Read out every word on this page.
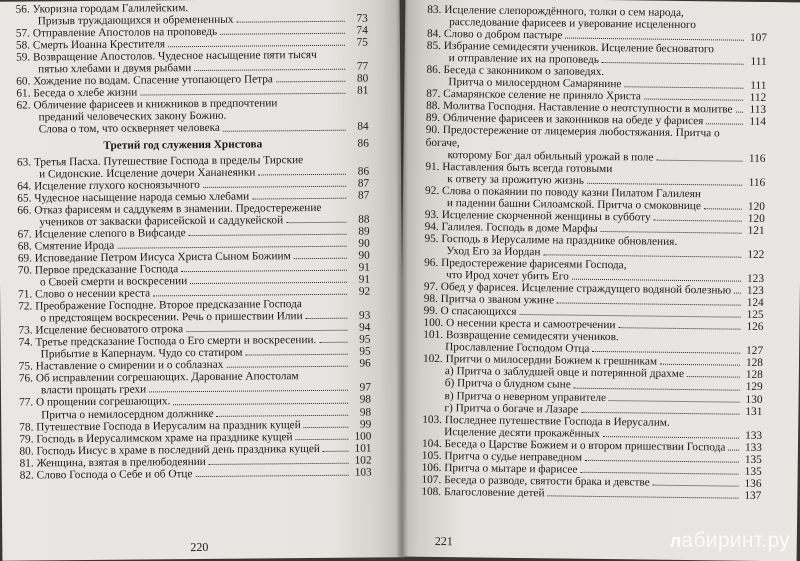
56. Укоризна городам Галилейским.
Призыв труждающихся и обремененных	73
57. Отправление Апостолов на проповедь	74
58. Смерть Иоанна Крестителя	75
59. Возвращение Апостолов. Чудесное насыщение пяти тысяч
пятью хлебами и двумя рыбами	77
60. Хождение по водам. Спасение утопающего Петра	80
61. Беседа о хлебе жизни	81
62. Обличение фарисеев и книжников в предпочтении
преданий человеческих закону Божию.
Слова о том, что оскверняет человека	84
Третий год служения Христова	86
63. Третья Пасха. Путешествие Господа в пределы Тирские
и Сидонские. Исцеление дочери Хананеянки	86
64. Исцеление глухого косноязычного	87
65. Чудесное насыщение народа семью хлебами	87
66. Отказ фарисеям и саддукеям в знамении. Предостережение
учеников от закваски фарисейской и саддукейской	88
67. Исцеление слепого в Вифсаиде	89
68. Смятение Ирода	90
69. Исповедание Петром Иисуса Христа Сыном Божиим	90
70. Первое предсказание Господа	91
о Своей смерти и воскресении	91
71. Слово о несении креста	92
72. Преображение Господне. Второе предсказание Господа
о предстоящем воскресении. Речь о пришествии Илии	93
73. Исцеление бесноватого отрока	94
74. Третье предсказание Господа о Его смерти и воскресении.	95
Прибытие в Капернаум. Чудо со статиром	95
75. Наставление о смирении и о соблазнах	96
76. Об исправлении согрешающих. Дарование Апостолам
власти прощать грехи	97
77. О прощении согрешающих.	98
Притча о немилосердном должнике	98
78. Путешествие Господа в Иерусалим на праздник кущей	99
79. Господь в Иерусалимском храме на празднике кущей	100
80. Господь Иисус в храме в последний день праздника кущей	101
81. Женщина, взятая в прелюбодеянии	102
82. Слово Господа о Себе и об Отце	103
220
83. Исцеление слепорождённого, толки о сем народа,
расследование фарисеев и уверование исцеленного
84. Слово о добром пастыре	107
85. Избрание семидесяти учеников. Исцеление бесноватого
и отправление их на проповедь	111
86. Беседа с законником о заповедях.
Притча о милосердном Самарянине	111
87. Самарянское селение не приняло Христа	112
88. Молитва Господня. Наставление о неотступности в молитве	113
89. Обличение фарисеев и законников на обеде у фарисея	114
90. Предостережение от лицемерия любостяжания. Притча о богаче,
которому Бог дал обильный урожай в поле	116
91. Наставления быть всегда готовыми
к ответу за прожитую жизнь	116
92. Слова о покаянии по поводу казни Пилатом Галилеян
и падении башни Силоамской. Притча о смоковнице	120
93. Исцеление скорченной женщины в субботу	120
94. Галилея. Господь в доме Марфы	121
95. Господь в Иерусалиме на празднике обновления.
Уход Его за Иордан	122
96. Предостережение фарисеями Господа,
что Ирод хочет убить Его	123
97. Обед у фарисея. Исцеление страждущего водяной болезнью 123
98. Притча о званом ужине	124
99. О спасающихся	125
100. О несении креста и самоотречении	126
101. Возвращение семидесяти учеников.
Прославление Господом Отца	127
102. Притчи о милосердии Божием к грешникам	128
а) Притча о заблудшей овце и потерянной драхме	128
б) Притча о блудном сыне	129
в) Притча о неверном управителе	130
г) Притча о богаче и Лазаре	131
103. Последнее путешествие Господа в Иерусалим.
Исцеление десяти прокажённых	133
104. Беседа о Царстве Божием и о втором пришествии Господа 133
105. Притча о судье неправедном	135
106. Притча о мытаре и фарисее	135
107. Беседа о разводе, святости брака и девстве	136
108. Благословение детей	137
221	лабиринт.ру
